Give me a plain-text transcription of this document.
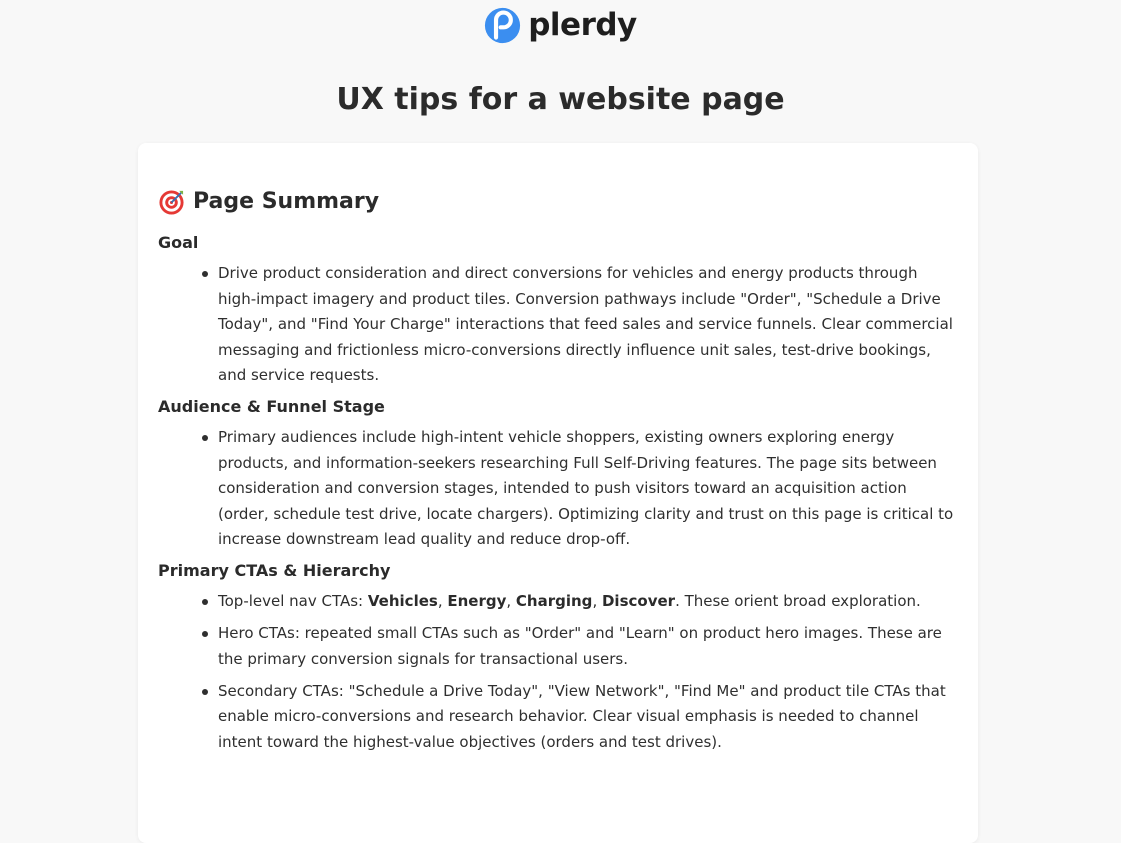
plerdy
UX tips for a website page
Page Summary
Goal
Drive product consideration and direct conversions for vehicles and energy products through high-impact imagery and product tiles. Conversion pathways include "Order", "Schedule a Drive Today", and "Find Your Charge" interactions that feed sales and service funnels. Clear commercial messaging and frictionless micro-conversions directly influence unit sales, test-drive bookings, and service requests.
Audience & Funnel Stage
Primary audiences include high-intent vehicle shoppers, existing owners exploring energy products, and information-seekers researching Full Self-Driving features. The page sits between consideration and conversion stages, intended to push visitors toward an acquisition action (order, schedule test drive, locate chargers). Optimizing clarity and trust on this page is critical to increase downstream lead quality and reduce drop-off.
Primary CTAs & Hierarchy
Top-level nav CTAs: Vehicles, Energy, Charging, Discover. These orient broad exploration.
Hero CTAs: repeated small CTAs such as "Order" and "Learn" on product hero images. These are the primary conversion signals for transactional users.
Secondary CTAs: "Schedule a Drive Today", "View Network", "Find Me" and product tile CTAs that enable micro-conversions and research behavior. Clear visual emphasis is needed to channel intent toward the highest-value objectives (orders and test drives).
